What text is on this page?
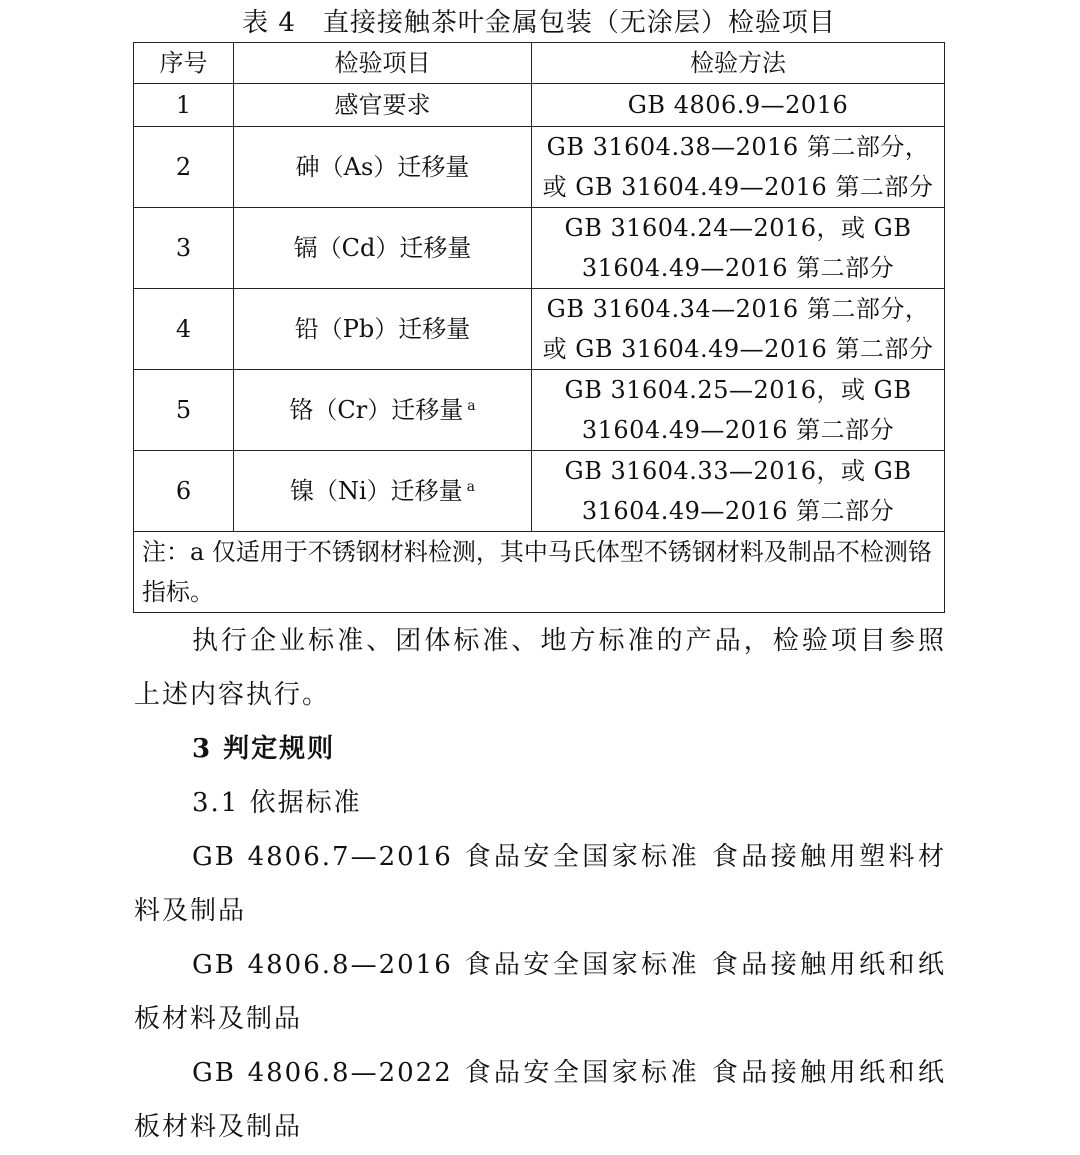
表 4　直接接触茶叶金属包装（无涂层）检验项目
序号	检验项目	检验方法
1	感官要求	GB 4806.9—2016

2	砷（As）迁移量	GB 31604.38—2016 第二部分，
或 GB 31604.49—2016 第二部分

3	镉（Cd）迁移量	GB 31604.24—2016，或 GB
31604.49—2016 第二部分

4	铅（Pb）迁移量	GB 31604.34—2016 第二部分，
或 GB 31604.49—2016 第二部分

5	铬（Cr）迁移量 $^a$	GB 31604.25—2016，或 GB
31604.49—2016 第二部分

6	镍（Ni）迁移量 $^a$	GB 31604.33—2016，或 GB
31604.49—2016 第二部分

注：a 仅适用于不锈钢材料检测，其中马氏体型不锈钢材料及制品不检测铬指标。		
执行企业标准、团体标准、地方标准的产品，检验项目参照上述内容执行。
3 判定规则
3.1 依据标准
GB 4806.7—2016 食品安全国家标准 食品接触用塑料材料及制品
GB 4806.8—2016 食品安全国家标准 食品接触用纸和纸板材料及制品
GB 4806.8—2022 食品安全国家标准 食品接触用纸和纸板材料及制品
